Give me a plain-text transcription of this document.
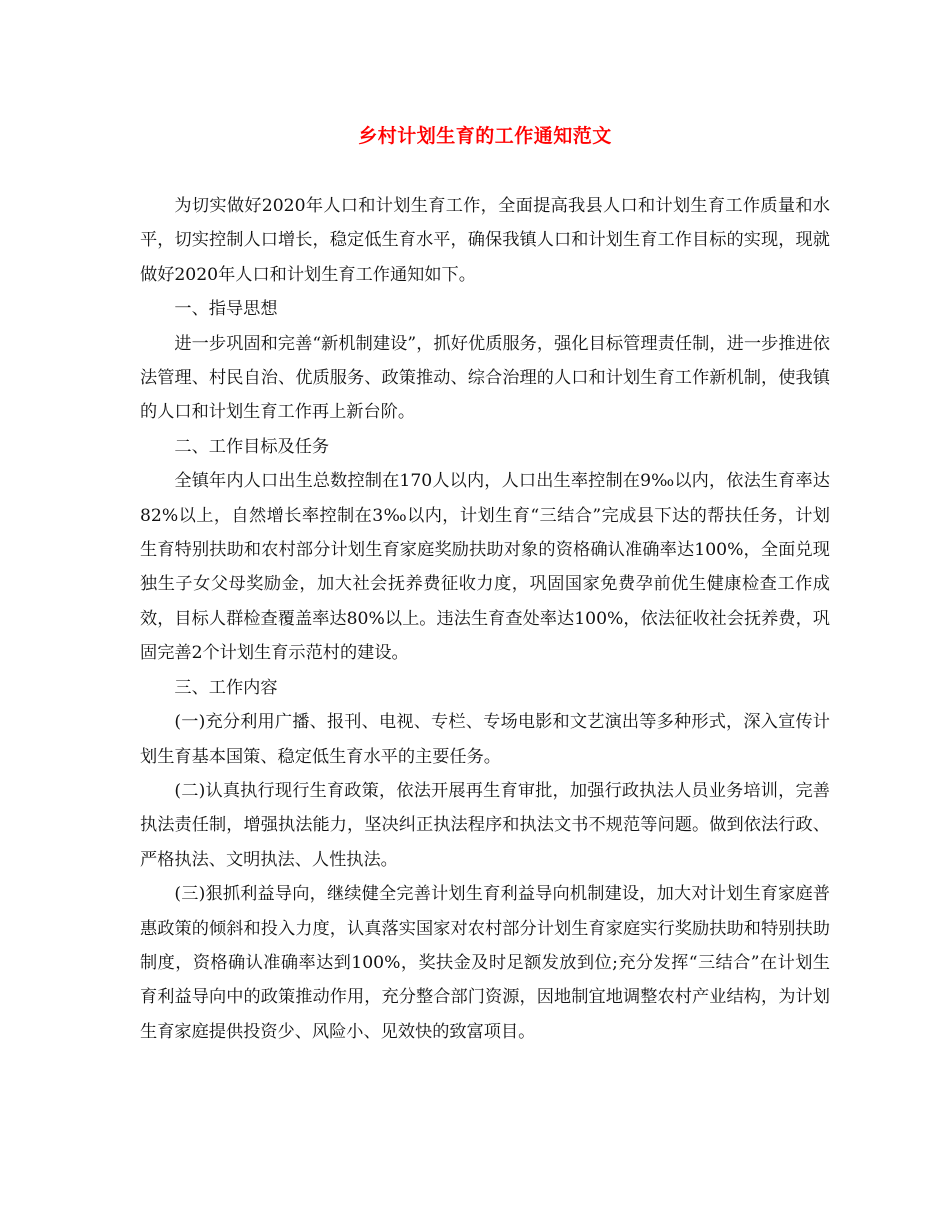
乡村计划生育的工作通知范文

为切实做好2020年人口和计划生育工作，全面提高我县人口和计划生育工作质量和水平，切实控制人口增长，稳定低生育水平，确保我镇人口和计划生育工作目标的实现，现就做好2020年人口和计划生育工作通知如下。

一、指导思想

进一步巩固和完善“新机制建设”，抓好优质服务，强化目标管理责任制，进一步推进依法管理、村民自治、优质服务、政策推动、综合治理的人口和计划生育工作新机制，使我镇的人口和计划生育工作再上新台阶。

二、工作目标及任务

全镇年内人口出生总数控制在170人以内，人口出生率控制在9‰以内，依法生育率达82%以上，自然增长率控制在3‰以内，计划生育“三结合”完成县下达的帮扶任务，计划生育特别扶助和农村部分计划生育家庭奖励扶助对象的资格确认准确率达100%，全面兑现独生子女父母奖励金，加大社会抚养费征收力度，巩固国家免费孕前优生健康检查工作成效，目标人群检查覆盖率达80%以上。违法生育查处率达100%，依法征收社会抚养费，巩固完善2个计划生育示范村的建设。

三、工作内容

(一)充分利用广播、报刊、电视、专栏、专场电影和文艺演出等多种形式，深入宣传计划生育基本国策、稳定低生育水平的主要任务。

(二)认真执行现行生育政策，依法开展再生育审批，加强行政执法人员业务培训，完善执法责任制，增强执法能力，坚决纠正执法程序和执法文书不规范等问题。做到依法行政、严格执法、文明执法、人性执法。

(三)狠抓利益导向，继续健全完善计划生育利益导向机制建设，加大对计划生育家庭普惠政策的倾斜和投入力度，认真落实国家对农村部分计划生育家庭实行奖励扶助和特别扶助制度，资格确认准确率达到100%，奖扶金及时足额发放到位;充分发挥“三结合”在计划生育利益导向中的政策推动作用，充分整合部门资源，因地制宜地调整农村产业结构，为计划生育家庭提供投资少、风险小、见效快的致富项目。
